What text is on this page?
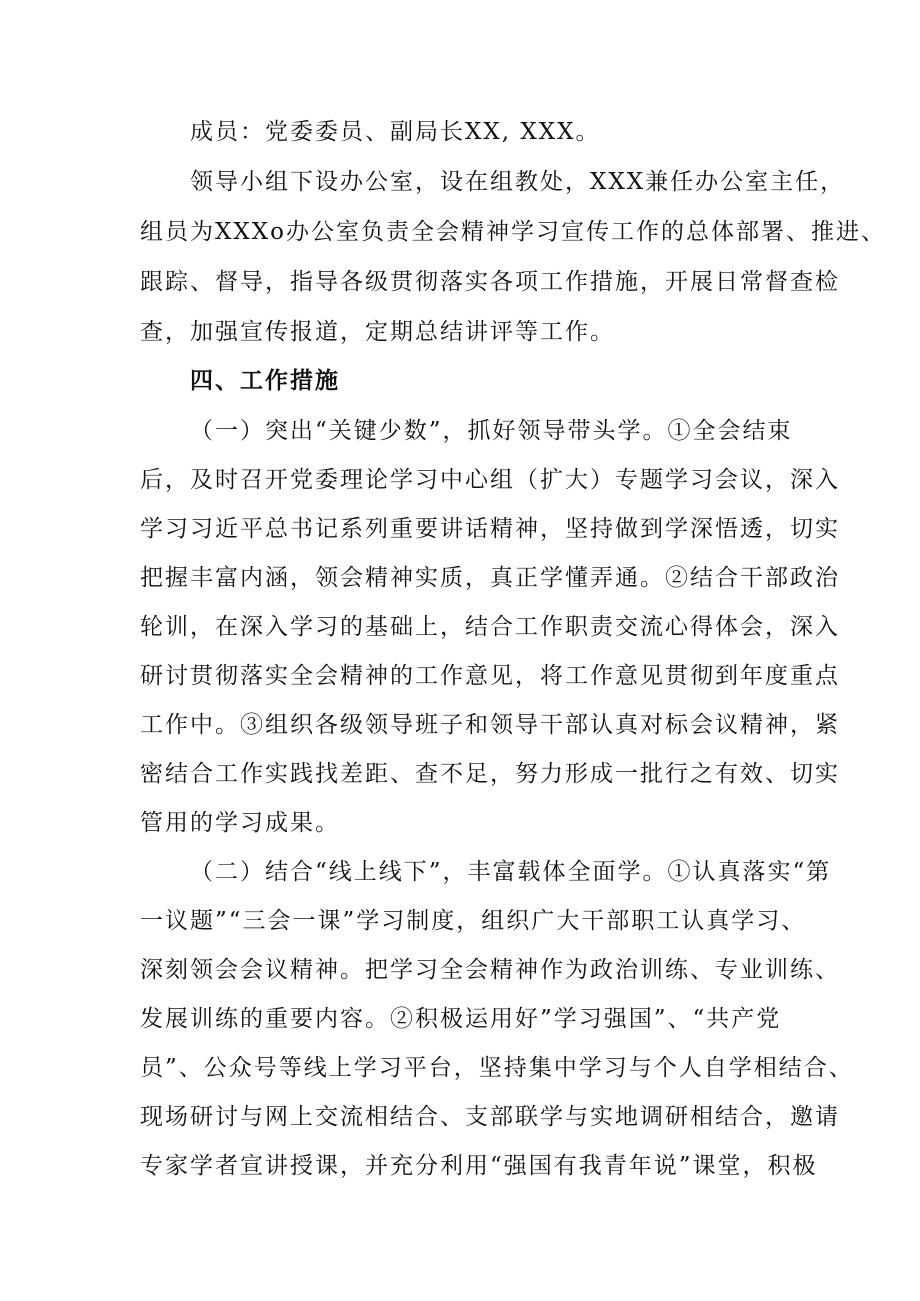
成员：党委委员、副局长XX, XXX。
领导小组下设办公室，设在组教处，XXX兼任办公室主任，
组员为XXXo办公室负责全会精神学习宣传工作的总体部署、推进、
跟踪、督导，指导各级贯彻落实各项工作措施，开展日常督查检
查，加强宣传报道，定期总结讲评等工作。
四、工作措施
（一）突出“关键少数”，抓好领导带头学。①全会结束
后，及时召开党委理论学习中心组（扩大）专题学习会议，深入
学习习近平总书记系列重要讲话精神，坚持做到学深悟透，切实
把握丰富内涵，领会精神实质，真正学懂弄通。②结合干部政治
轮训，在深入学习的基础上，结合工作职责交流心得体会，深入
研讨贯彻落实全会精神的工作意见，将工作意见贯彻到年度重点
工作中。③组织各级领导班子和领导干部认真对标会议精神，紧
密结合工作实践找差距、查不足，努力形成一批行之有效、切实
管用的学习成果。
（二）结合“线上线下”，丰富载体全面学。①认真落实“第
一议题”“三会一课”学习制度，组织广大干部职工认真学习、
深刻领会会议精神。把学习全会精神作为政治训练、专业训练、
发展训练的重要内容。②积极运用好”学习强国”、“共产党
员”、公众号等线上学习平台，坚持集中学习与个人自学相结合、
现场研讨与网上交流相结合、支部联学与实地调研相结合，邀请
专家学者宣讲授课，并充分利用“强国有我青年说”课堂，积极
